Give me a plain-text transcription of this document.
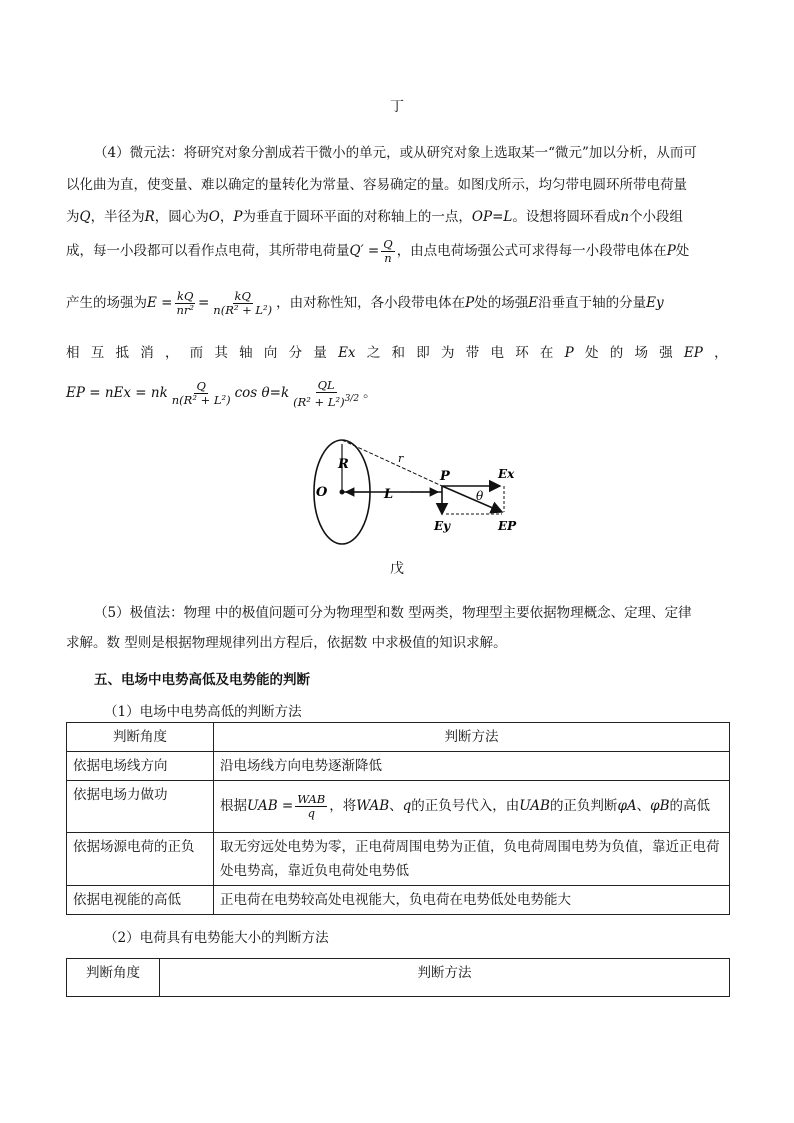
丁
（4）微元法：将研究对象分割成若干微小的单元，或从研究对象上选取某一“微元”加以分析，从而可
以化曲为直，使变量、难以确定的量转化为常量、容易确定的量。如图戊所示，均匀带电圆环所带电荷量
为Q，半径为R，圆心为O，P为垂直于圆环平面的对称轴上的一点，OP=L。设想将圆环看成n个小段组
成，每一小段都可以看作点电荷，其所带电荷量$Q' = \frac{Q}{n}$ ，由点电荷场强公式可求得每一小段带电体在P处
产生的场强为$E = \frac{kQ}{\text{nr²}} = \frac{kQ}{\text{n(R² + L²)}}$ ，由对称性知，各小段带电体在P处的场强E沿垂直于轴的分量Ey
相 互 抵 消 ， 而 其 轴 向 分 量 Ex 之 和 即 为 带 电 环 在 P 处 的 场 强 EP ，
EP = nEx = nk $\frac{Q}{\text{n(R² + L²)}}$ $\cos \theta=k \frac{QL}{(R^2 + L^2)^{3/2}}$ 。
R	r
P	Ex
O	L	θ
Ey	EP
戊
（5）极值法：物理 中的极值问题可分为物理型和数 型两类，物理型主要依据物理概念、定理、定律
求解。数 型则是根据物理规律列出方程后，依据数 中求极值的知识求解。
五、电场中电势高低及电势能的判断
（1）电场中电势高低的判断方法
判断角度	判断方法
依据电场线方向	沿电场线方向电势逐渐降低
依据电场力做功	根据UAB = $\frac{\text{WAB}}{q}$ ，将WAB、q的正负号代入，由UAB的正负判断φA、φB的高低
依据场源电荷的正负	取无穷远处电势为零，正电荷周围电势为正值，负电荷周围电势为负值，靠近正电荷处电势高，靠近负电荷处电势低
依据电视能的高低	正电荷在电势较高处电视能大，负电荷在电势低处电势能大
（2）电荷具有电势能大小的判断方法
判断角度	判断方法
